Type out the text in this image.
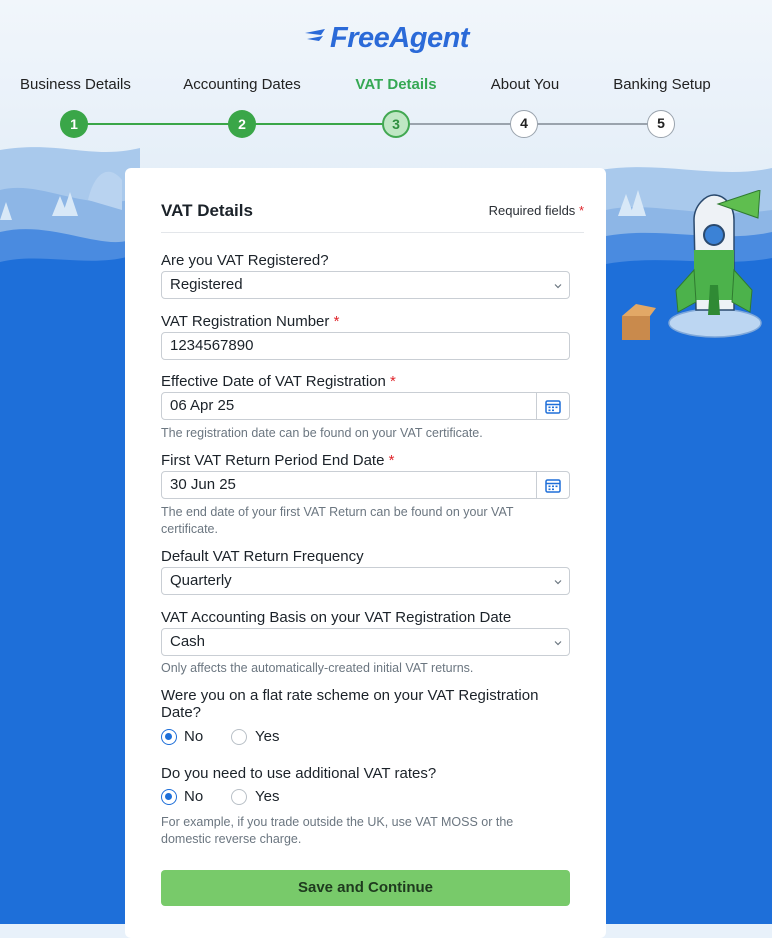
FreeAgent
Business Details	Accounting Dates	VAT Details	About You	Banking Setup
1	2	3	4	5
VAT Details	Required fields *
Are you VAT Registered?
Registered
VAT Registration Number *
1234567890
Effective Date of VAT Registration *
06 Apr 25
The registration date can be found on your VAT certificate.
First VAT Return Period End Date *
30 Jun 25
The end date of your first VAT Return can be found on your VAT certificate.
Default VAT Return Frequency
Quarterly
VAT Accounting Basis on your VAT Registration Date
Cash
Only affects the automatically-created initial VAT returns.
Were you on a flat rate scheme on your VAT Registration Date?
No	Yes
Do you need to use additional VAT rates?
No	Yes
For example, if you trade outside the UK, use VAT MOSS or the domestic reverse charge.
Save and Continue
